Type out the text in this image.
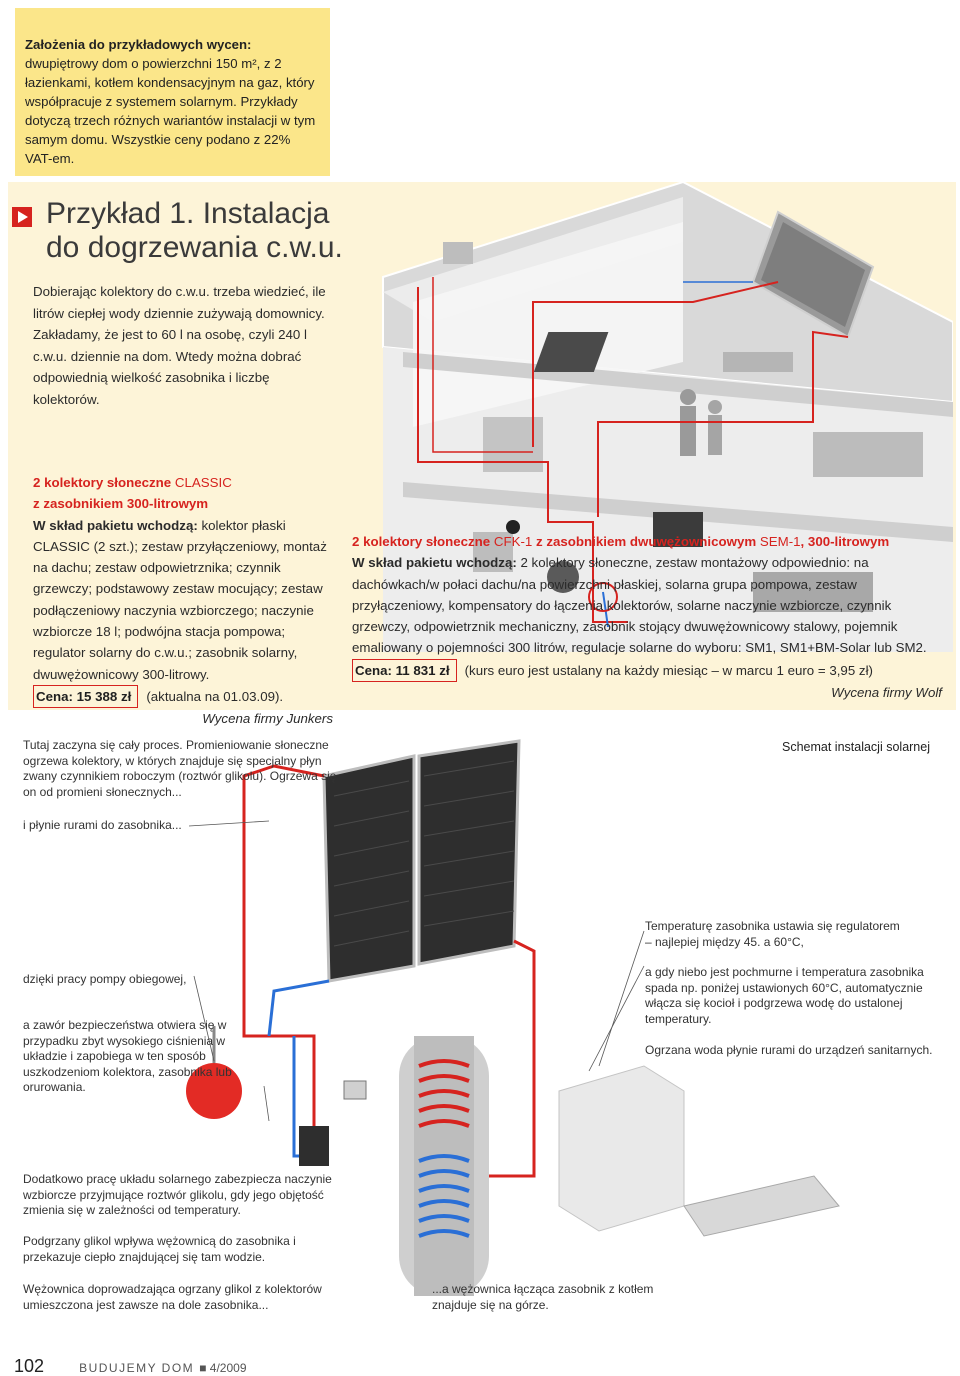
Założenia do przykładowych wycen: dwupiętrowy dom o powierzchni 150 m², z 2 łazienkami, kotłem kondensacyjnym na gaz, który współpracuje z systemem solarnym. Przykłady dotyczą trzech różnych wariantów instalacji w tym samym domu. Wszystkie ceny podano z 22% VAT-em.
Przykład 1. Instalacja
do dogrzewania c.w.u.

Dobierając kolektory do c.w.u. trzeba wiedzieć, ile litrów ciepłej wody dziennie zużywają domownicy. Zakładamy, że jest to 60 l na osobę, czyli 240 l c.w.u. dziennie na dom. Wtedy można dobrać odpowiednią wielkość zasobnika i liczbę kolektorów.

2 kolektory słoneczne CLASSIC
z zasobnikiem 300-litrowym
W skład pakietu wchodzą: kolektor płaski CLASSIC (2 szt.); zestaw przyłączeniowy, montaż na dachu; zestaw odpowietrznika; czynnik grzewczy; podstawowy zestaw mocujący; zestaw podłączeniowy naczynia wzbiorczego; naczynie wzbiorcze 18 l; podwójna stacja pompowa; regulator solarny do c.w.u.; zasobnik solarny, dwuwężownicowy 300-litrowy.
Cena: 15 388 zł (aktualna na 01.03.09).
Wycena firmy Junkers
2 kolektory słoneczne CFK-1 z zasobnikiem dwuwężownicowym SEM-1, 300-litrowym
W skład pakietu wchodzą: 2 kolektory słoneczne, zestaw montażowy odpowiednio: na dachówkach/w połaci dachu/na powierzchni płaskiej, solarna grupa pompowa, zestaw przyłączeniowy, kompensatory do łączenia kolektorów, solarne naczynie wzbiorcze, czynnik grzewczy, odpowietrznik mechaniczny, zasobnik stojący dwuwężownicowy stalowy, pojemnik emaliowany o pojemności 300 litrów, regulacje solarne do wyboru: SM1, SM1+BM-Solar lub SM2.
Cena: 11 831 zł (kurs euro jest ustalany na każdy miesiąc – w marcu 1 euro = 3,95 zł)
Wycena firmy Wolf
Schemat instalacji solarnej
Tutaj zaczyna się cały proces. Promieniowanie słoneczne ogrzewa kolektory, w których znajduje się specjalny płyn zwany czynnikiem roboczym (roztwór glikolu). Ogrzewa się on od promieni słonecznych...
i płynie rurami do zasobnika...
dzięki pracy pompy obiegowej,
a zawór bezpieczeństwa otwiera się w przypadku zbyt wysokiego ciśnienia w układzie i zapobiega w ten sposób uszkodzeniom kolektora, zasobnika lub orurowania.
Dodatkowo pracę układu solarnego zabezpiecza naczynie wzbiorcze przyjmujące roztwór glikolu, gdy jego objętość zmienia się w zależności od temperatury.
Podgrzany glikol wpływa wężownicą do zasobnika i przekazuje ciepło znajdującej się tam wodzie.
Wężownica doprowadzająca ogrzany glikol z kolektorów umieszczona jest zawsze na dole zasobnika...
...a wężownica łącząca zasobnik z kotłem znajduje się na górze.
Temperaturę zasobnika ustawia się regulatorem – najlepiej między 45. a 60°C,
a gdy niebo jest pochmurne i temperatura zasobnika spada np. poniżej ustawionych 60°C, automatycznie włącza się kocioł i podgrzewa wodę do ustalonej temperatury.
Ogrzana woda płynie rurami do urządzeń sanitarnych.
102	BUDUJEMY DOM ■ 4/2009
